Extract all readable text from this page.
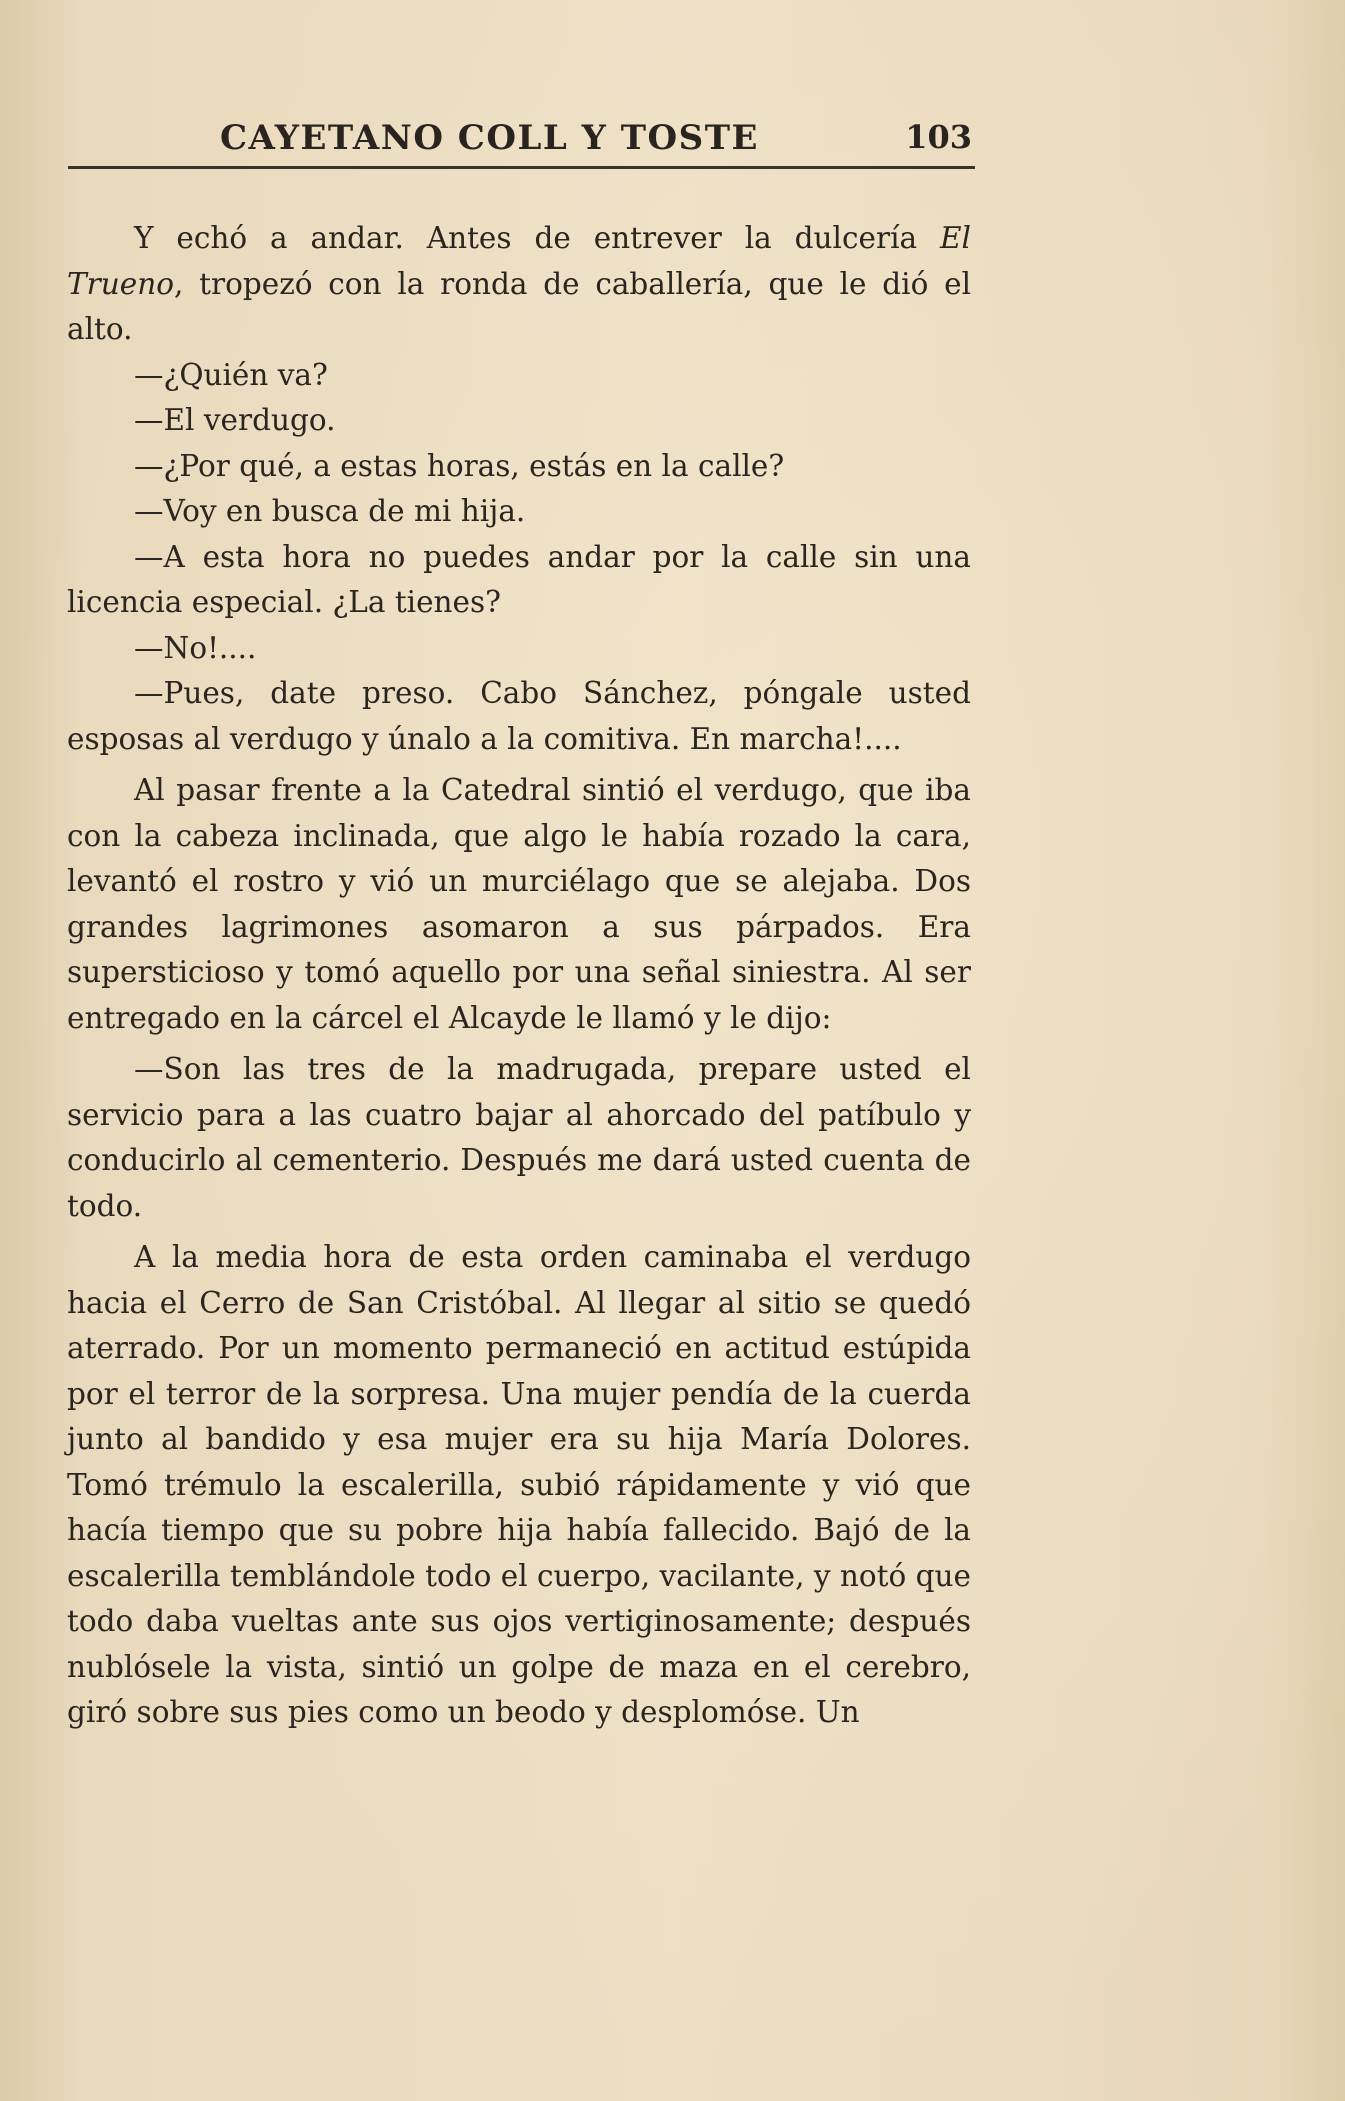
CAYETANO COLL Y TOSTE	103

Y echó a andar. Antes de entrever la dulcería El Trueno, tropezó con la ronda de caballería, que le dió el alto.

—¿Quién va?

—El verdugo.

—¿Por qué, a estas horas, estás en la calle?

—Voy en busca de mi hija.

—A esta hora no puedes andar por la calle sin una licencia especial. ¿La tienes?

—No!....

—Pues, date preso. Cabo Sánchez, póngale usted esposas al verdugo y únalo a la comitiva. En marcha!....

Al pasar frente a la Catedral sintió el verdugo, que iba con la cabeza inclinada, que algo le había rozado la cara, levantó el rostro y vió un murciélago que se alejaba. Dos grandes lagrimones asomaron a sus párpados. Era supersticioso y tomó aquello por una señal siniestra. Al ser entregado en la cárcel el Alcayde le llamó y le dijo:

—Son las tres de la madrugada, prepare usted el servicio para a las cuatro bajar al ahorcado del patíbulo y conducirlo al cementerio. Después me dará usted cuenta de todo.

A la media hora de esta orden caminaba el verdugo hacia el Cerro de San Cristóbal. Al llegar al sitio se quedó aterrado. Por un momento permaneció en actitud estúpida por el terror de la sorpresa. Una mujer pendía de la cuerda junto al bandido y esa mujer era su hija María Dolores. Tomó trémulo la escalerilla, subió rápidamente y vió que hacía tiempo que su pobre hija había fallecido. Bajó de la escalerilla temblándole todo el cuerpo, vacilante, y notó que todo daba vueltas ante sus ojos vertiginosamente; después nublósele la vista, sintió un golpe de maza en el cerebro, giró sobre sus pies como un beodo y desplomóse. Un
